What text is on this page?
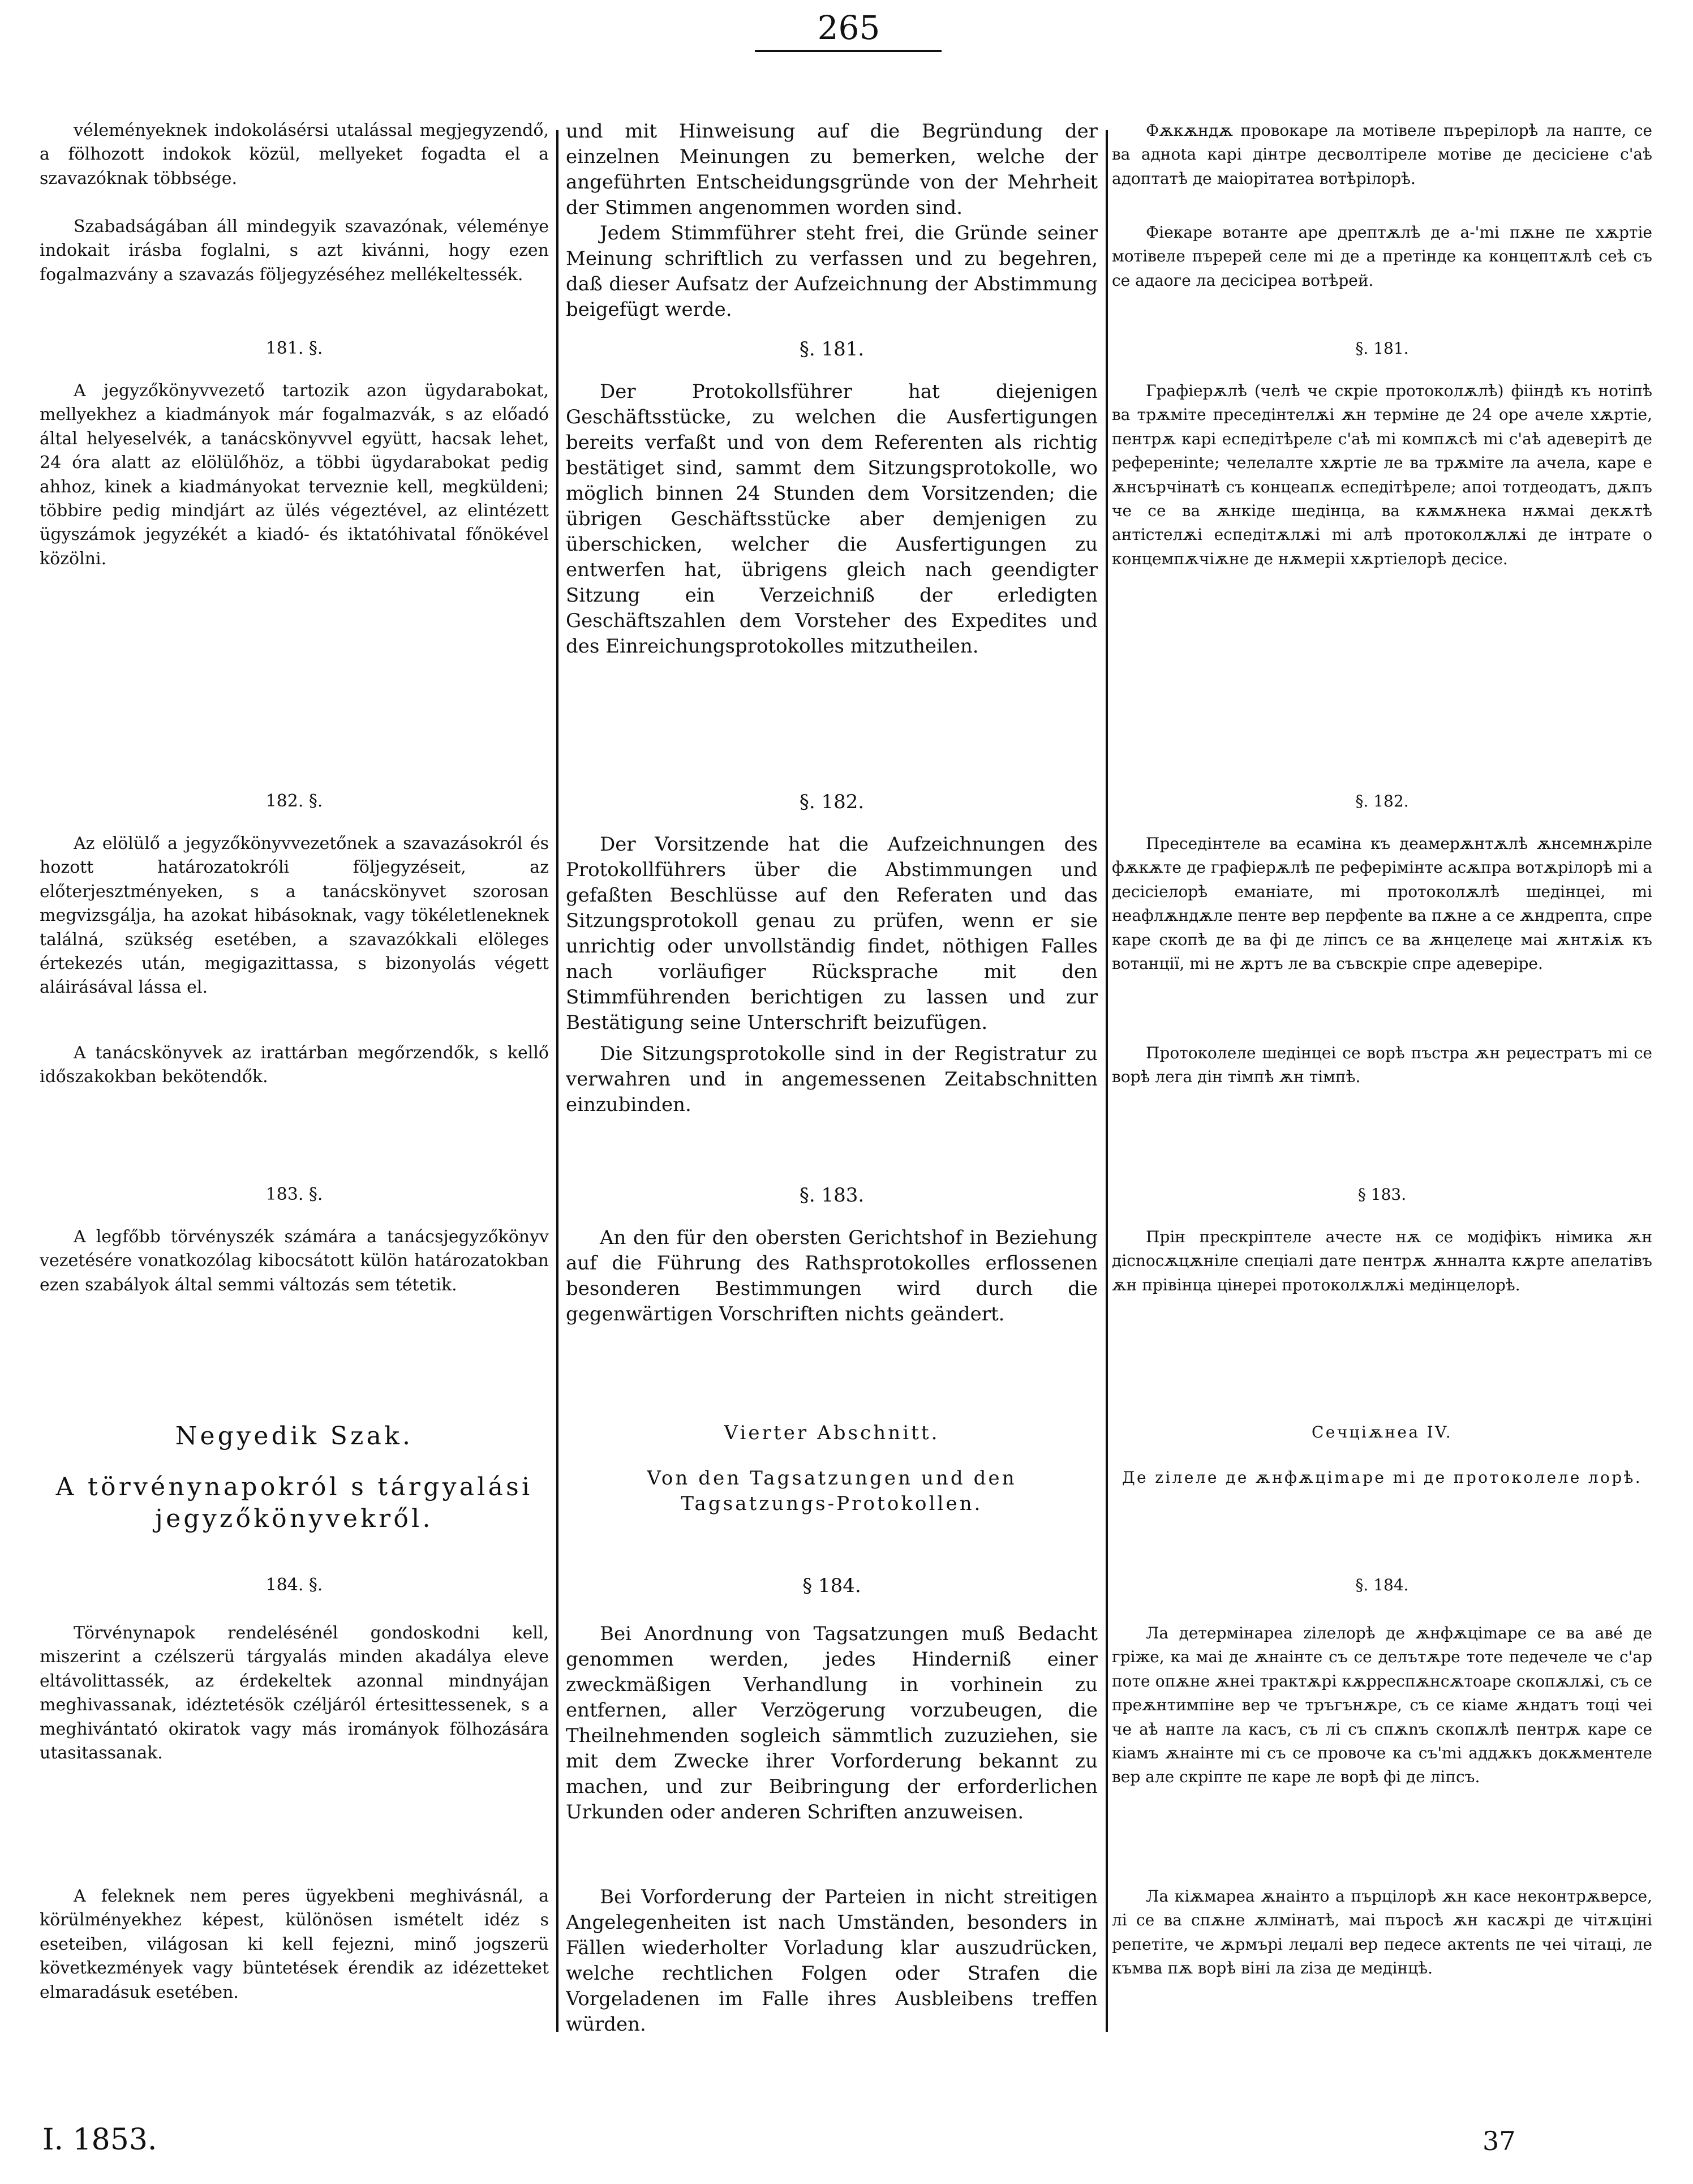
265

véleményeknek indokolásérsi utalással megjegyzendő, a fölhozott indokok közül, mellyeket fogadta el a szavazóknak többsége.

Szabadságában áll mindegyik szavazónak, véleménye indokait irásba foglalni, s azt kivánni, hogy ezen fogalmazvány a szavazás följegyzéséhez mellékeltessék.

181. §.

A jegyzőkönyvvezető tartozik azon ügydarabokat, mellyekhez a kiadmányok már fogalmazvák, s az előadó által helyeselvék, a tanácskönyvvel együtt, hacsak lehet, 24 óra alatt az elölülőhöz, a többi ügydarabokat pedig ahhoz, kinek a kiadmányokat terveznie kell, megküldeni; többire pedig mindjárt az ülés végeztével, az elintézett ügyszámok jegyzékét a kiadó- és iktatóhivatal főnökével közölni.

182. §.

Az elölülő a jegyzőkönyvvezetőnek a szavazásokról és hozott határozatokróli följegyzéseit, az előterjesztményeken, s a tanácskönyvet szorosan megvizsgálja, ha azokat hibásoknak, vagy tökéletleneknek találná, szükség esetében, a szavazókkali elöleges értekezés után, megigazittassa, s bizonyolás végett aláirásával lássa el.

A tanácskönyvek az irattárban megőrzendők, s kellő időszakokban bekötendők.

183. §.

A legfőbb törvényszék számára a tanácsjegyzőkönyv vezetésére vonatkozólag kibocsátott külön határozatokban ezen szabályok által semmi változás sem tétetik.

Negyedik Szak.

A törvénynapokról s tárgyalási jegyzőkönyvekről.

184. §.

Törvénynapok rendelésénél gondoskodni kell, miszerint a czélszerü tárgyalás minden akadálya eleve eltávolittassék, az érdekeltek azonnal mindnyájan meghivassanak, idéztetésök czéljáról értesittessenek, s a meghivántató okiratok vagy más irományok fölhozására utasitassanak.

A feleknek nem peres ügyekbeni meghivásnál, a körülményekhez képest, különösen ismételt idéz s eseteiben, világosan ki kell fejezni, minő jogszerü következmények vagy büntetések érendik az idézetteket elmaradásuk esetében.

und mit Hinweisung auf die Begründung der einzelnen Meinungen zu bemerken, welche der angeführten Entscheidungsgründe von der Mehrheit der Stimmen angenommen worden sind.

Jedem Stimmführer steht frei, die Gründe seiner Meinung schriftlich zu verfassen und zu begehren, daß dieser Aufsatz der Aufzeichnung der Abstimmung beigefügt werde.

§. 181.

Der Protokollsführer hat diejenigen Geschäftsstücke, zu welchen die Ausfertigungen bereits verfaßt und von dem Referenten als richtig bestätiget sind, sammt dem Sitzungsprotokolle, wo möglich binnen 24 Stunden dem Vorsitzenden; die übrigen Geschäftsstücke aber demjenigen zu überschicken, welcher die Ausfertigungen zu entwerfen hat, übrigens gleich nach geendigter Sitzung ein Verzeichniß der erledigten Geschäftszahlen dem Vorsteher des Expedites und des Einreichungsprotokolles mitzutheilen.

§. 182.

Der Vorsitzende hat die Aufzeichnungen des Protokollführers über die Abstimmungen und gefaßten Beschlüsse auf den Referaten und das Sitzungsprotokoll genau zu prüfen, wenn er sie unrichtig oder unvollständig findet, nöthigen Falles nach vorläufiger Rücksprache mit den Stimmführenden berichtigen zu lassen und zur Bestätigung seine Unterschrift beizufügen.

Die Sitzungsprotokolle sind in der Registratur zu verwahren und in angemessenen Zeitabschnitten einzubinden.

§. 183.

An den für den obersten Gerichtshof in Beziehung auf die Führung des Rathsprotokolles erflossenen besonderen Bestimmungen wird durch die gegenwärtigen Vorschriften nichts geändert.

Vierter Abschnitt.

Von den Tagsatzungen und den Tagsatzungs-Protokollen.

§ 184.

Bei Anordnung von Tagsatzungen muß Bedacht genommen werden, jedes Hinderniß einer zweckmäßigen Verhandlung in vorhinein zu entfernen, aller Verzögerung vorzubeugen, die Theilnehmenden sogleich sämmtlich zuzuziehen, sie mit dem Zwecke ihrer Vorforderung bekannt zu machen, und zur Beibringung der erforderlichen Urkunden oder anderen Schriften anzuweisen.

Bei Vorforderung der Parteien in nicht streitigen Angelegenheiten ist nach Umständen, besonders in Fällen wiederholter Vorladung klar auszudrücken, welche rechtlichen Folgen oder Strafen die Vorgeladenen im Falle ihres Ausbleibens treffen würden.

Фѫкѫндѫ провокаре ла мотівеле пърерілорѣ ла напте, се ва адноta карі дінтре десволтіреле мотіве де десісіене с'аѣ адоптатѣ де маіорітатеа вотѣрілорѣ.

Фіекаре вотанте аре дрептѫлѣ де а-'mi пѫне пе хѫртіе мотівеле пъререй селе mi де а претінде ка концептѫлѣ сеѣ съ се адаоге ла десісіреа вотѣрей.

§. 181.

Графіерѫлѣ (челѣ че скріе протоколѫлѣ) фііндѣ къ нотіпѣ ва трѫміте преседінтелѫі ѫн терміне де 24 оре ачеле хѫртіе, пентрѫ карі еспедітѣреле с'аѣ mi компѫсѣ mi с'аѣ адеверітѣ де референіnte; челелалте хѫртіе ле ва трѫміте ла ачела, каре е ѫнсърчінатѣ съ концеапѫ еспедітѣреле; апоі тотдеодатъ, дѫпъ че се ва ѫнкіде шедінца, ва кѫмѫнека нѫмаі декѫтѣ антістелѫі еспедітѫлѫі mi алѣ протоколѫлѫі де інтрате о концемпѫчіѫне де нѫмеріі хѫртіелорѣ десісе.

§. 182.

Преседінтеле ва есаміна къ деамерѫнтѫлѣ ѫнсемнѫріле фѫкѫте де графіерѫлѣ пе реферімінте асѫпра вотѫрілорѣ mi а десісіелорѣ еманіате, mi протоколѫлѣ шедінцеі, mi неафлѫндѫле пенте вер перфеnte ва пѫне а се ѫндрепта, спре каре скопѣ де ва фі де ліпсъ се ва ѫнцелеце маі ѫнтѫіѫ къ вотанції, mi не ѫртъ ле ва съвскріе спре адеверіре.

Протоколеле шедінцеі се ворѣ пъстра ѫн реџестратъ mi се ворѣ лега дін тімпѣ ѫн тімпѣ.

§ 183.

Прін прескріптеле ачесте нѫ се модіфікъ німика ѫн дісnoсѫцѫніле спеціалі дате пентрѫ ѫнналта кѫрте апелатівъ ѫн прівінца цінереі протоколѫлѫі медінцелорѣ.

Сечціѫнеа IV.

Де zілеле де ѫнфѫціmаре mi де протоколеле лорѣ.

§. 184.

Ла детермінареа zілелорѣ де ѫнфѫціmаре се ва авé де грiже, ка маі де ѫнаінте съ се делътѫре тоте педечеле че с'ар поте опѫне ѫнеі трактѫрі кѫрреспѫнсѫтоаре скопѫлѫі, съ се преѫнтимпіне вер че тръгънѫре, съ се кіаме ѫндатъ тоці чеі че аѣ напте ла касъ, съ лі съ спѫnъ скопѫлѣ пентрѫ каре се кіамъ ѫнаінте mi съ се провоче ка съ'mi аддѫкъ докѫментеле вер але скріпте пе каре ле ворѣ фі де ліпсъ.

Ла кіѫмареа ѫнаінто а пърцілорѣ ѫн касе неконтрѫверсе, лі се ва спѫне ѫлмінатѣ, маі пъросѣ ѫн касѫрі де чітѫціні репетіте, че ѫрмърі леџалі вер педесе актеnts пе чеі чітаці, ле къмва пѫ ворѣ віні ла zіза де медінцѣ.

I. 1853.	37
